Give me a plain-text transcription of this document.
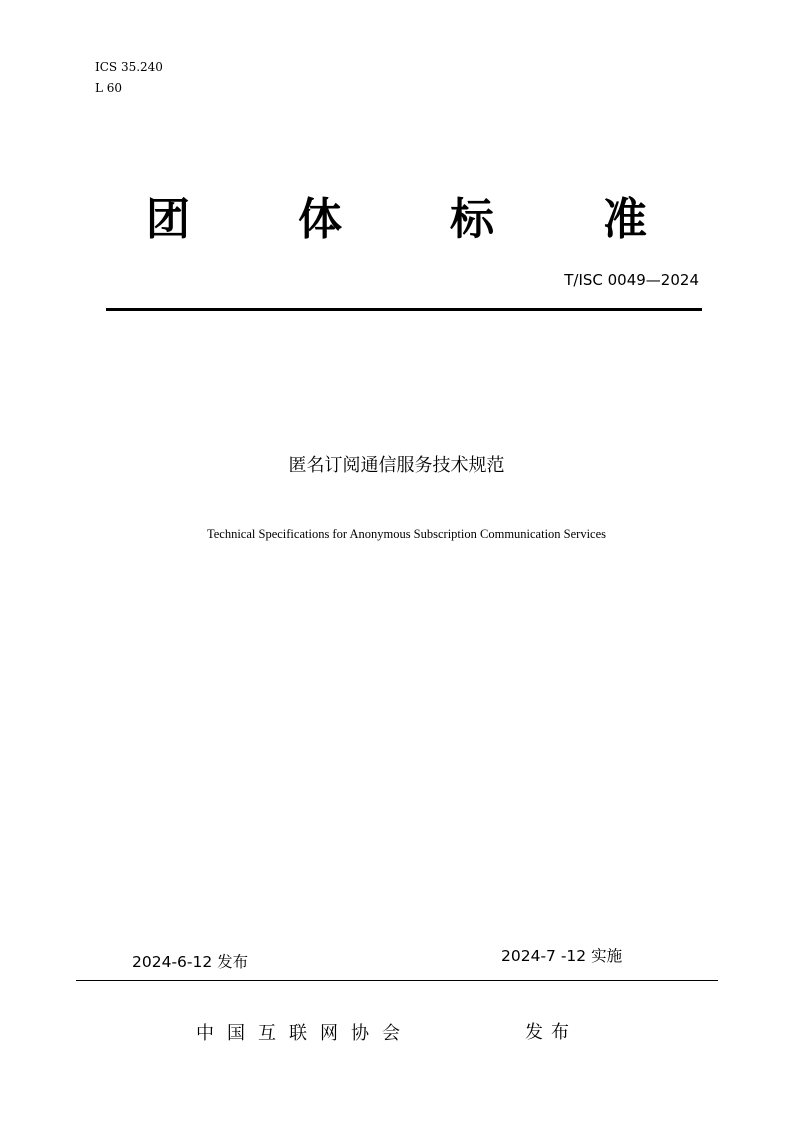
ICS 35.240
L 60
团 体 标 准
T/ISC 0049—2024
匿名订阅通信服务技术规范
Technical Specifications for Anonymous Subscription Communication Services
2024-6-12 发布	2024-7 -12 实施
中国互联网协会	发布
